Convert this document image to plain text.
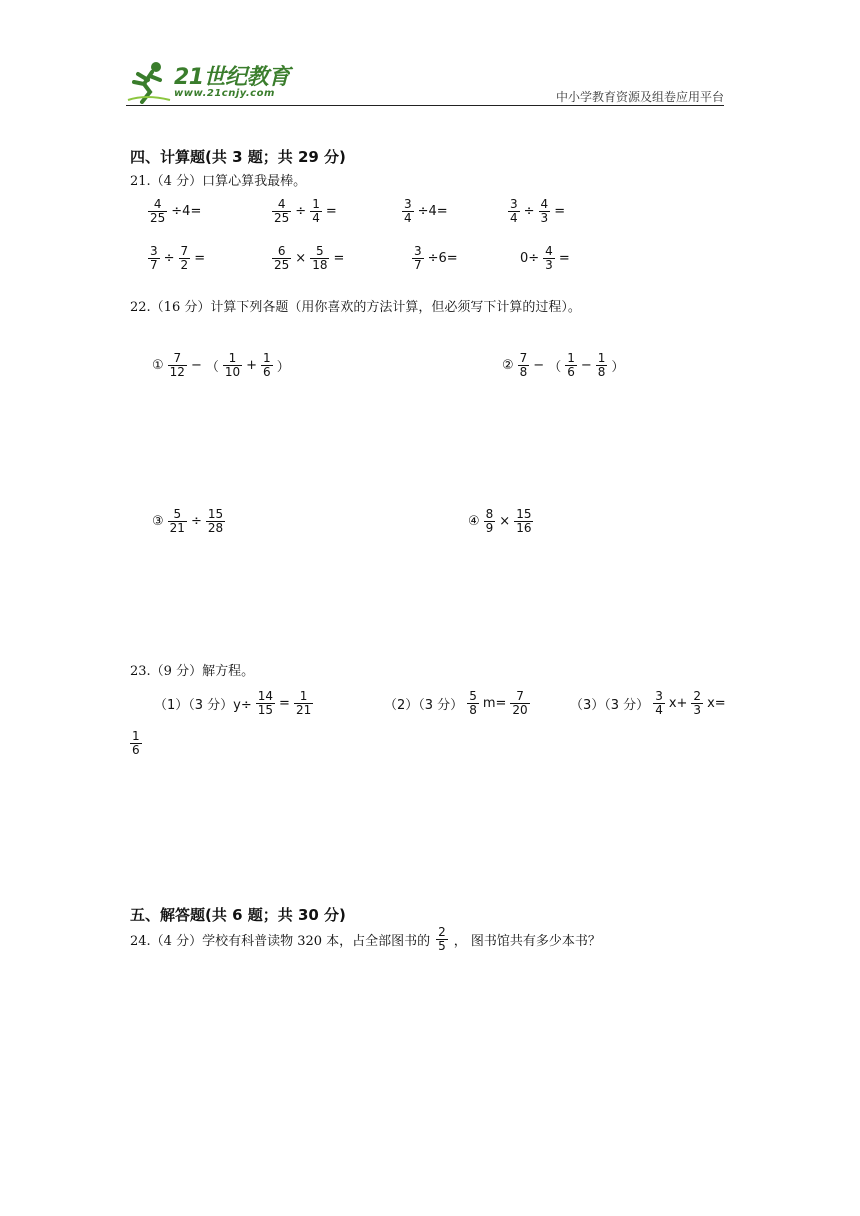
21世纪教育
www.21cnjy.com	中小学教育资源及组卷应用平台
四、计算题(共 3 题；共 29 分)
21.（4 分）口算心算我最棒。
$\frac{4}{25} \div 4=$	$\frac{4}{25} \div \frac{1}{4}$ =	$\frac{3}{4} \div 4=$	$\frac{3}{4} \div \frac{4}{3}$ =
$\frac{3}{7} \div \frac{7}{2}$ =	$\frac{6}{25} \times \frac{5}{18}$ =	$\frac{3}{7} \div 6=$	$0\div \frac{4}{3}$ =
22.（16 分）计算下列各题（用你喜欢的方法计算，但必须写下计算的过程）。
① $\frac{7}{12}$ − （ $\frac{1}{10} + \frac{1}{6}$ ）	② $\frac{7}{8}$ − （ $\frac{1}{6} - \frac{1}{8}$ ）
③ $\frac{5}{21} \div \frac{15}{28}$	④ $\frac{8}{9} \times \frac{15}{16}$
23.（9 分）解方程。
（1）（3 分）$y\div \frac{14}{15} = \frac{1}{21}$	（2）（3 分） $\frac{5}{8} m= \frac{7}{20}$	（3）（3 分） $\frac{3}{4} x+ \frac{2}{3} x=$
$\frac{1}{6}$
五、解答题(共 6 题；共 30 分)
24.（4 分）学校有科普读物 320 本，占全部图书的 $\frac{2}{5}$ ， 图书馆共有多少本书？
